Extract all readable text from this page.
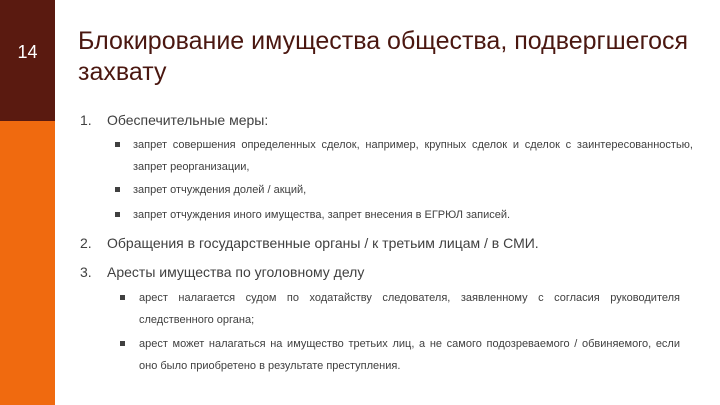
14	Блокирование имущества общества, подвергшегося захвату
1. Обеспечительные меры:
запрет совершения определенных сделок, например, крупных сделок и сделок с заинтересованностью, запрет реорганизации,
запрет отчуждения долей / акций,
запрет отчуждения иного имущества, запрет внесения в ЕГРЮЛ записей.
2. Обращения в государственные органы / к третьим лицам / в СМИ.
3. Аресты имущества по уголовному делу
арест налагается судом по ходатайству следователя, заявленному с согласия руководителя следственного органа;
арест может налагаться на имущество третьих лиц, а не самого подозреваемого / обвиняемого, если оно было приобретено в результате преступления.
